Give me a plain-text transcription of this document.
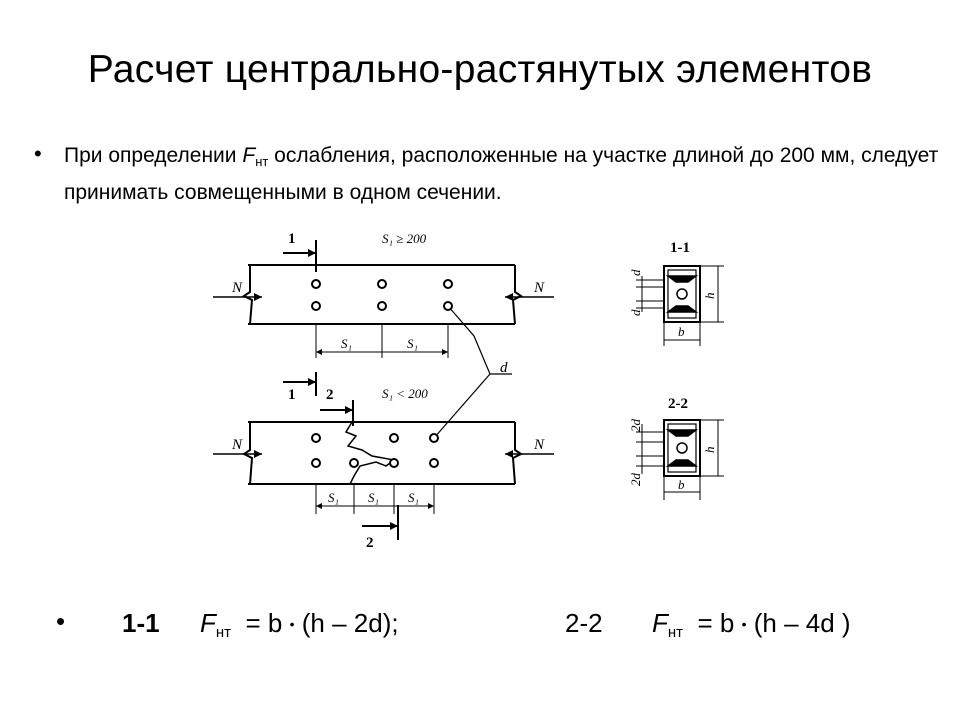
Расчет центрально-растянутых элементов
• При определении $F_{нт}$ ослабления, расположенные на участке длиной до 200 мм, следует принимать совмещенными в одном сечении.
1
1 2
2
S₁ ≥ 200
S₁ < 200
N	N
N	N
S₁	S₁
S₁ S₁ S₁
d
1-1
d
d
h
b
2-2
2d
2d
h
b
• 1-1 Fнт = b • (h – 2d);	2-2 Fнт = b • (h – 4d )
